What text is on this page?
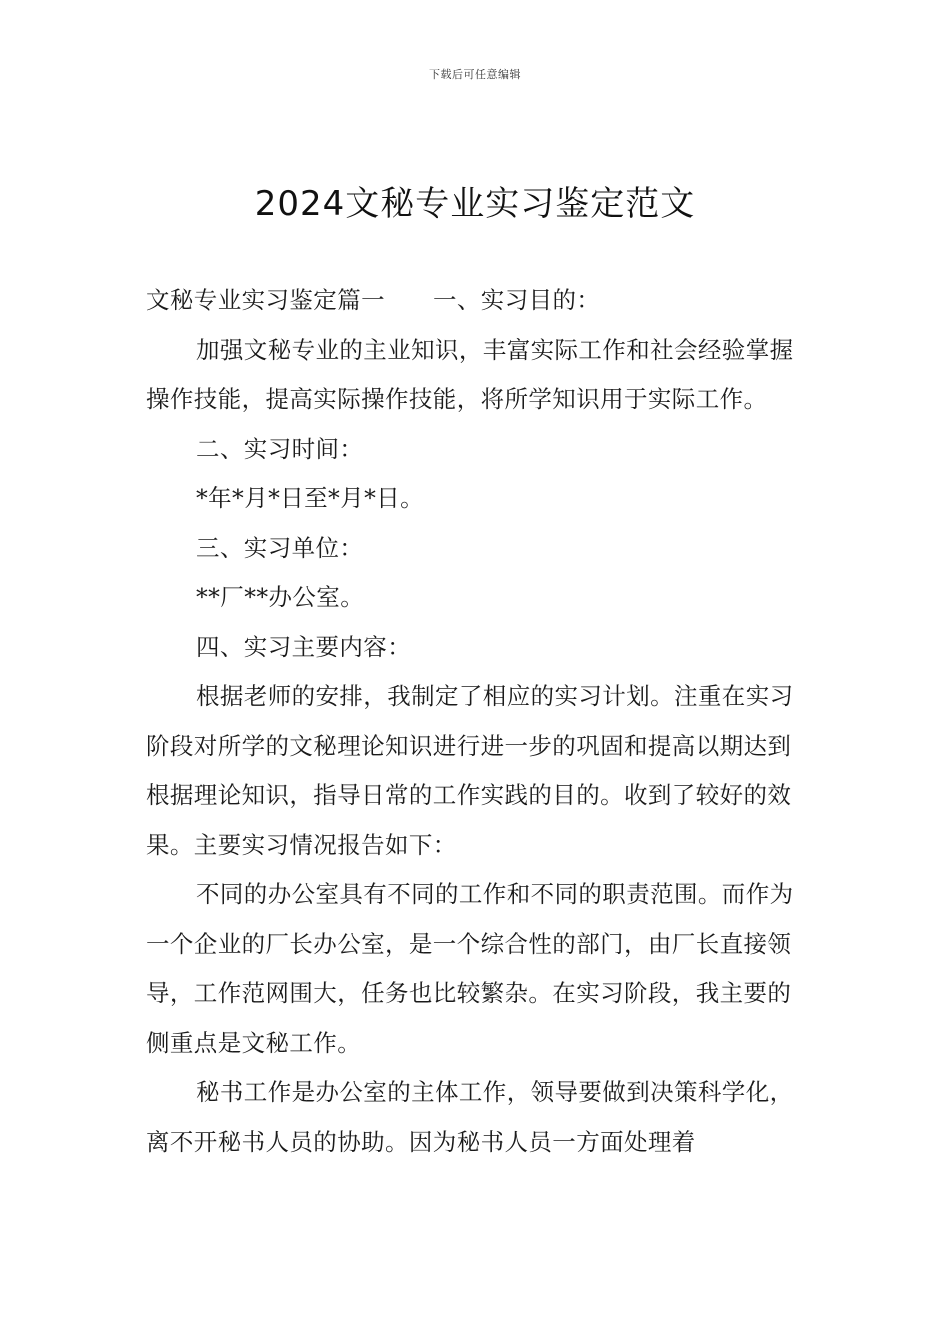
下载后可任意编辑
2024文秘专业实习鉴定范文

文秘专业实习鉴定篇一 一、实习目的：

加强文秘专业的主业知识，丰富实际工作和社会经验掌握操作技能，提高实际操作技能，将所学知识用于实际工作。

二、实习时间：

*年*月*日至*月*日。

三、实习单位：

**厂**办公室。

四、实习主要内容：

根据老师的安排，我制定了相应的实习计划。注重在实习阶段对所学的文秘理论知识进行进一步的巩固和提高以期达到根据理论知识，指导日常的工作实践的目的。收到了较好的效果。主要实习情况报告如下：

不同的办公室具有不同的工作和不同的职责范围。而作为一个企业的厂长办公室，是一个综合性的部门，由厂长直接领导，工作范网围大，任务也比较繁杂。在实习阶段，我主要的侧重点是文秘工作。

秘书工作是办公室的主体工作，领导要做到决策科学化，离不开秘书人员的协助。因为秘书人员一方面处理着
